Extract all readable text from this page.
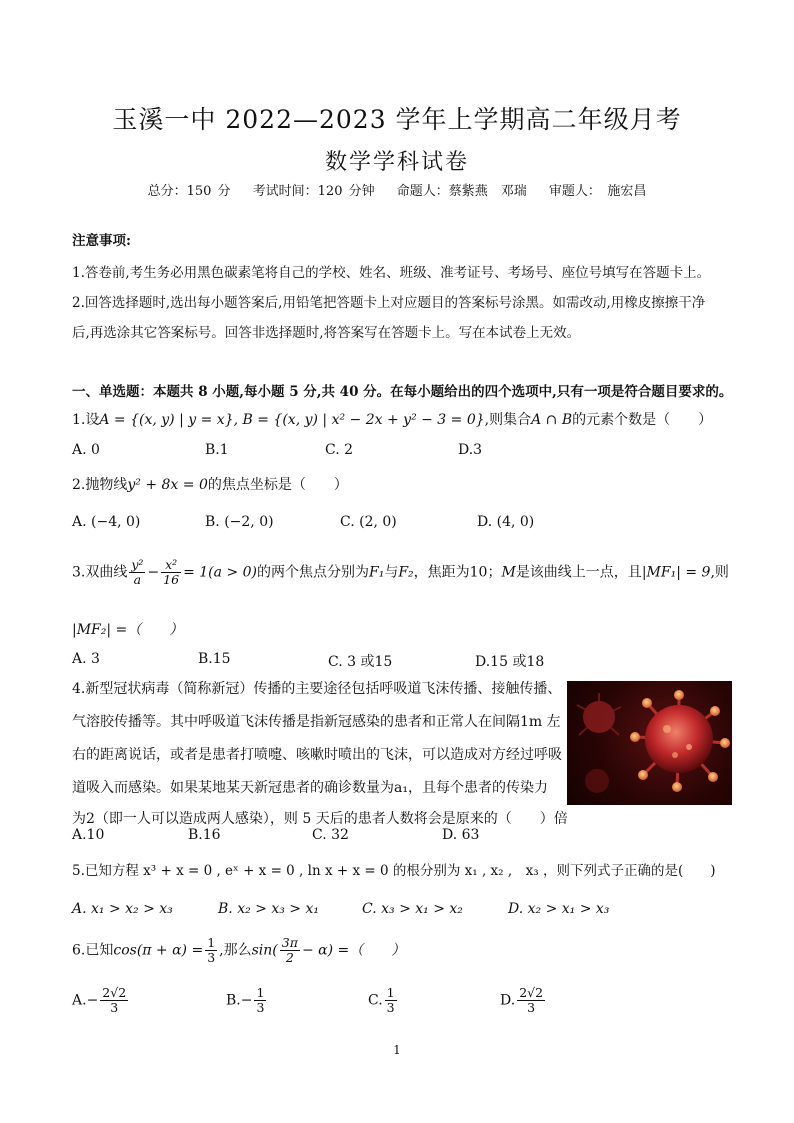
玉溪一中 2022—2023 学年上学期高二年级月考
数学学科试卷
总分：150 分 考试时间：120 分钟 命题人：蔡紫燕　邓瑞 审题人：　施宏昌
注意事项:
1.答卷前,考生务必用黑色碳素笔将自己的学校、姓名、班级、准考证号、考场号、座位号填写在答题卡上。
2.回答选择题时,选出每小题答案后,用铅笔把答题卡上对应题目的答案标号涂黑。如需改动,用橡皮擦擦干净
后,再选涂其它答案标号。回答非选择题时,将答案写在答题卡上。写在本试卷上无效。
一、单选题：本题共 8 小题,每小题 5 分,共 40 分。在每小题给出的四个选项中,只有一项是符合题目要求的。
1.设A = {(x, y) | y = x}, B = {(x, y) | x² − 2x + y² − 3 = 0},则集合A ∩ B的元素个数是（　　）
A. 0	B.1	C. 2	D.3
2.抛物线y² + 8x = 0的焦点坐标是（　　）
A. (−4, 0)	B. (−2, 0)	C. (2, 0)	D. (4, 0)
3.双曲线 $\frac{\text{y²}}{a} - \frac{\text{x²}}{16} = 1(a > 0)$的两个焦点分别为F₁与F₂，焦距为10；M是该曲线上一点，且|MF₁| = 9,则
|MF₂| =（　　）
A. 3	B.15	C. 3 或15	D.15 或18
4.新型冠状病毒（简称新冠）传播的主要途径包括呼吸道飞沫传播、接触传播、
气溶胶传播等。其中呼吸道飞沫传播是指新冠感染的患者和正常人在间隔1m 左
右的距离说话，或者是患者打喷嚏、咳嗽时喷出的飞沫，可以造成对方经过呼吸
道吸入而感染。如果某地某天新冠患者的确诊数量为a₁，且每个患者的传染力
为2（即一人可以造成两人感染），则 5 天后的患者人数将会是原来的（　　）倍
A.10	B.16	C. 32	D. 63
5.已知方程 x³ + x = 0 , eˣ + x = 0 , ln x + x = 0 的根分别为 x₁ , x₂ ,　x₃ ，则下列式子正确的是(　　)
A. x₁ > x₂ > x₃	B. x₂ > x₃ > x₁	C. x₃ > x₁ > x₂	D. x₂ > x₁ > x₃
6.已知$\cos(\pi + \alpha) = \frac{1}{3}$ ,那么$\sin( \frac{3\pi}{2} - \alpha)$ =（　　）
$A.- \frac{2√2}{3}$	$B.- \frac{1}{3}$	C. $\frac{1}{3}$	D. $\frac{2√2}{3}$
1
